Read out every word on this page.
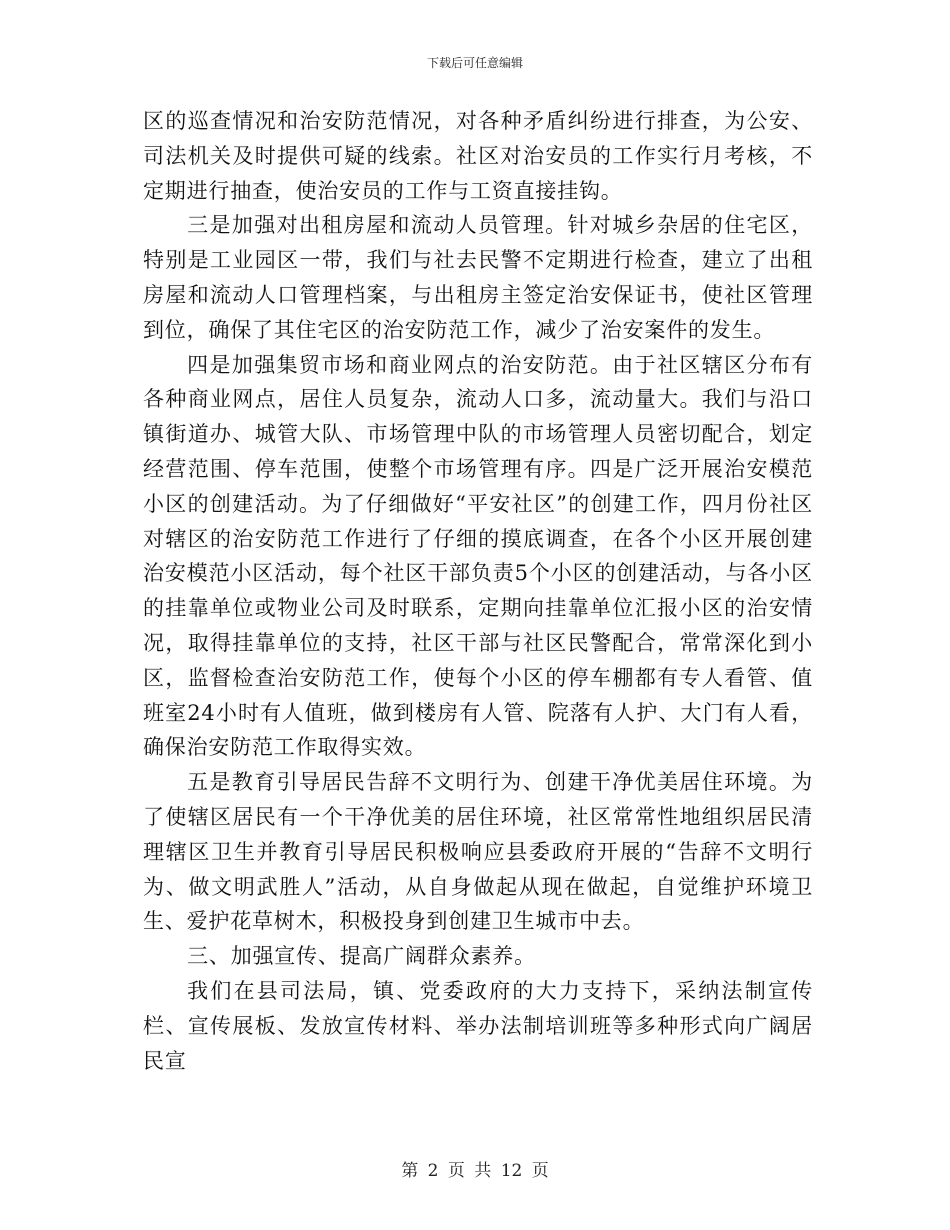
下载后可任意编辑

区的巡查情况和治安防范情况，对各种矛盾纠纷进行排查，为公安、司法机关及时提供可疑的线索。社区对治安员的工作实行月考核，不定期进行抽查，使治安员的工作与工资直接挂钩。

三是加强对出租房屋和流动人员管理。针对城乡杂居的住宅区，特别是工业园区一带，我们与社去民警不定期进行检查，建立了出租房屋和流动人口管理档案，与出租房主签定治安保证书，使社区管理到位，确保了其住宅区的治安防范工作，减少了治安案件的发生。

四是加强集贸市场和商业网点的治安防范。由于社区辖区分布有各种商业网点，居住人员复杂，流动人口多，流动量大。我们与沿口镇街道办、城管大队、市场管理中队的市场管理人员密切配合，划定经营范围、停车范围，使整个市场管理有序。四是广泛开展治安模范小区的创建活动。为了仔细做好“平安社区”的创建工作，四月份社区对辖区的治安防范工作进行了仔细的摸底调查，在各个小区开展创建治安模范小区活动，每个社区干部负责5个小区的创建活动，与各小区的挂靠单位或物业公司及时联系，定期向挂靠单位汇报小区的治安情况，取得挂靠单位的支持，社区干部与社区民警配合，常常深化到小区，监督检查治安防范工作，使每个小区的停车棚都有专人看管、值班室24小时有人值班，做到楼房有人管、院落有人护、大门有人看，确保治安防范工作取得实效。

五是教育引导居民告辞不文明行为、创建干净优美居住环境。为了使辖区居民有一个干净优美的居住环境，社区常常性地组织居民清理辖区卫生并教育引导居民积极响应县委政府开展的“告辞不文明行为、做文明武胜人”活动，从自身做起从现在做起，自觉维护环境卫生、爱护花草树木，积极投身到创建卫生城市中去。

三、加强宣传、提高广阔群众素养。

我们在县司法局，镇、党委政府的大力支持下，采纳法制宣传栏、宣传展板、发放宣传材料、举办法制培训班等多种形式向广阔居民宣

第 2 页 共 12 页
